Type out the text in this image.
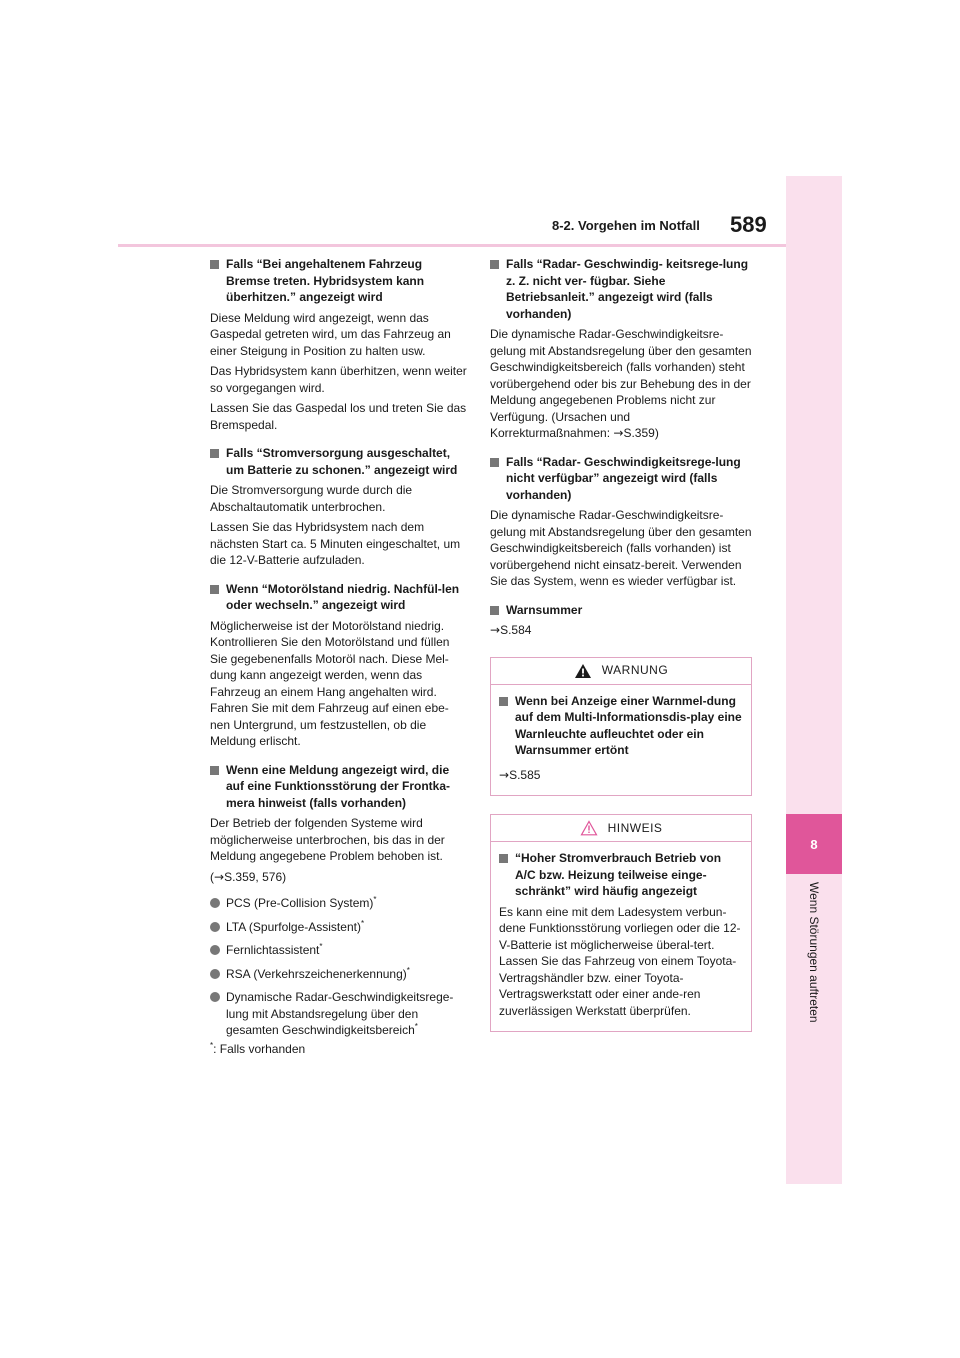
8-2. Vorgehen im Notfall 589
8
Wenn Störungen auftreten
Falls “Bei angehaltenem Fahrzeug Bremse treten. Hybridsystem kann überhitzen.” angezeigt wird

Diese Meldung wird angezeigt, wenn das Gaspedal getreten wird, um das Fahrzeug an einer Steigung in Position zu halten usw.

Das Hybridsystem kann überhitzen, wenn weiter so vorgegangen wird.

Lassen Sie das Gaspedal los und treten Sie das Bremspedal.

Falls “Stromversorgung ausgeschaltet, um Batterie zu schonen.” angezeigt wird

Die Stromversorgung wurde durch die Abschaltautomatik unterbrochen.

Lassen Sie das Hybridsystem nach dem nächsten Start ca. 5 Minuten eingeschaltet, um die 12-V-Batterie aufzuladen.

Wenn “Motorölstand niedrig. Nachfül-len oder wechseln.” angezeigt wird

Möglicherweise ist der Motorölstand niedrig. Kontrollieren Sie den Motorölstand und füllen Sie gegebenenfalls Motoröl nach. Diese Mel-dung kann angezeigt werden, wenn das Fahrzeug an einem Hang angehalten wird. Fahren Sie mit dem Fahrzeug auf einen ebe-nen Untergrund, um festzustellen, ob die Meldung erlischt.

Wenn eine Meldung angezeigt wird, die auf eine Funktionsstörung der Frontka-mera hinweist (falls vorhanden)

Der Betrieb der folgenden Systeme wird möglicherweise unterbrochen, bis das in der Meldung angegebene Problem behoben ist.

(→S.359, 576)

PCS (Pre-Collision System)*
LTA (Spurfolge-Assistent)*
Fernlichtassistent*
RSA (Verkehrszeichenerkennung)*
Dynamische Radar-Geschwindigkeitsrege-lung mit Abstandsregelung über den gesamten Geschwindigkeitsbereich*

*: Falls vorhanden

Falls “Radar- Geschwindig- keitsrege-lung z. Z. nicht ver- fügbar. Siehe Betriebsanleit.” angezeigt wird (falls vorhanden)

Die dynamische Radar-Geschwindigkeitsre-gelung mit Abstandsregelung über den gesamten Geschwindigkeitsbereich (falls vorhanden) steht vorübergehend oder bis zur Behebung des in der Meldung angegebenen Problems nicht zur Verfügung. (Ursachen und Korrekturmaßnahmen: →S.359)

Falls “Radar- Geschwindigkeitsrege-lung nicht verfügbar” angezeigt wird (falls vorhanden)

Die dynamische Radar-Geschwindigkeitsre-gelung mit Abstandsregelung über den gesamten Geschwindigkeitsbereich (falls vorhanden) ist vorübergehend nicht einsatz-bereit. Verwenden Sie das System, wenn es wieder verfügbar ist.

Warnsummer

→S.584

WARNUNG
Wenn bei Anzeige einer Warnmel-dung auf dem Multi-Informationsdis-play eine Warnleuchte aufleuchtet oder ein Warnsummer ertönt

→S.585

HINWEIS
“Hoher Stromverbrauch Betrieb von A/C bzw. Heizung teilweise einge-schränkt” wird häufig angezeigt

Es kann eine mit dem Ladesystem verbun-dene Funktionsstörung vorliegen oder die 12-V-Batterie ist möglicherweise überal-tert. Lassen Sie das Fahrzeug von einem Toyota-Vertragshändler bzw. einer Toyota-Vertragswerkstatt oder einer ande-ren zuverlässigen Werkstatt überprüfen.
